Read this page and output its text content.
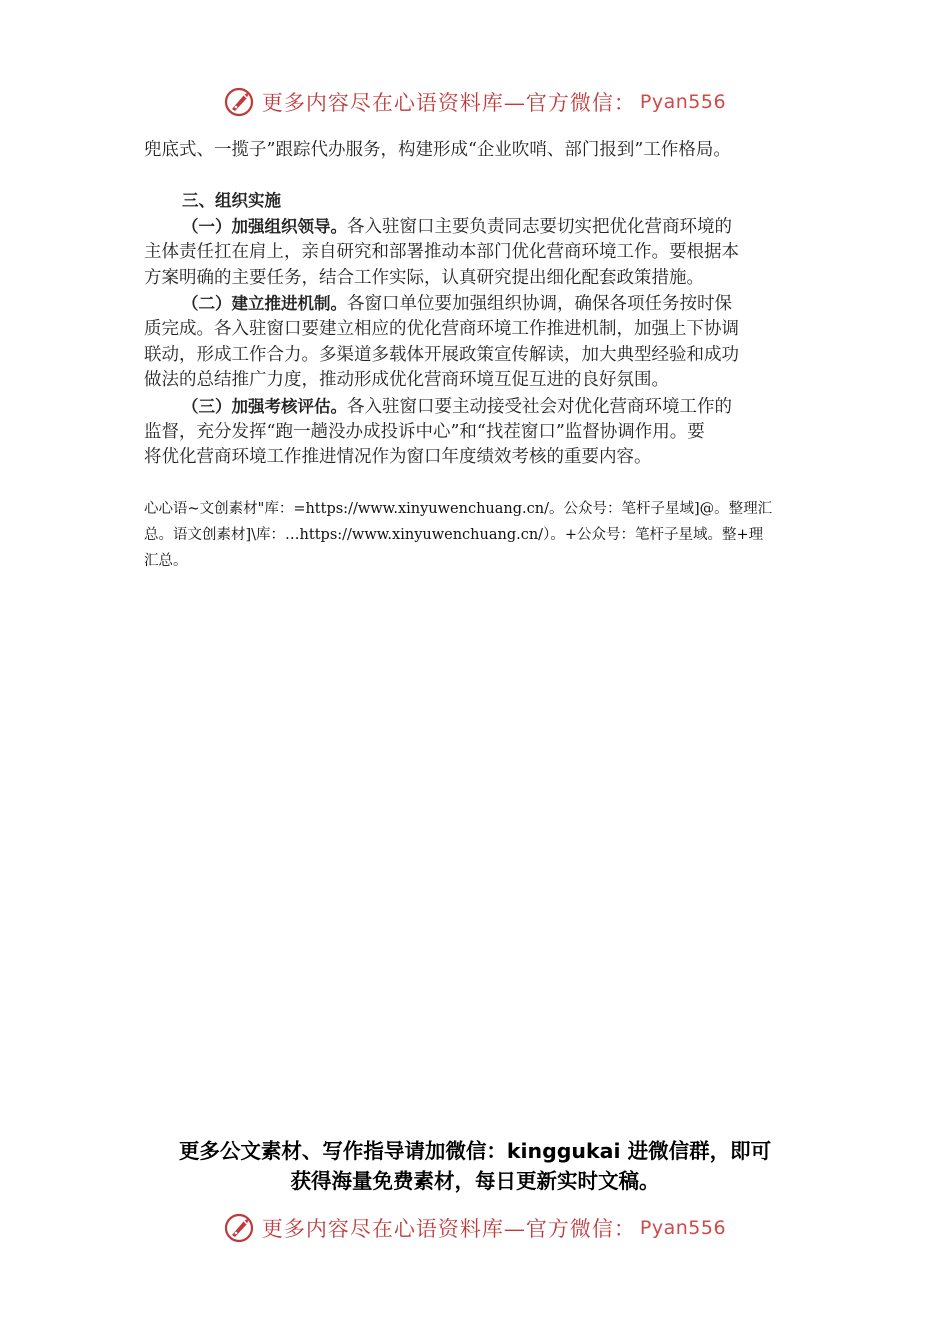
更多内容尽在心语资料库—官方微信： Pyan556
兜底式、一揽子”跟踪代办服务，构建形成“企业吹哨、部门报到”工作格局。
三、组织实施
（一）加强组织领导。各入驻窗口主要负责同志要切实把优化营商环境的
主体责任扛在肩上，亲自研究和部署推动本部门优化营商环境工作。要根据本
方案明确的主要任务，结合工作实际，认真研究提出细化配套政策措施。
（二）建立推进机制。各窗口单位要加强组织协调，确保各项任务按时保
质完成。各入驻窗口要建立相应的优化营商环境工作推进机制，加强上下协调
联动，形成工作合力。多渠道多载体开展政策宣传解读，加大典型经验和成功
做法的总结推广力度，推动形成优化营商环境互促互进的良好氛围。
（三）加强考核评估。各入驻窗口要主动接受社会对优化营商环境工作的
监督，充分发挥“跑一趟没办成投诉中心”和“找茬窗口”监督协调作用。要
将优化营商环境工作推进情况作为窗口年度绩效考核的重要内容。
心心语~文创素材"库：=https://www.xinyuwenchuang.cn/。公众号：笔杆子星域]@。整理汇
总。语文创素材]\库：…https://www.xinyuwenchuang.cn/）。+公众号：笔杆子星域。整+理
汇总。
更多公文素材、写作指导请加微信：kinggukai 进微信群，即可
获得海量免费素材，每日更新实时文稿。
更多内容尽在心语资料库—官方微信： Pyan556
